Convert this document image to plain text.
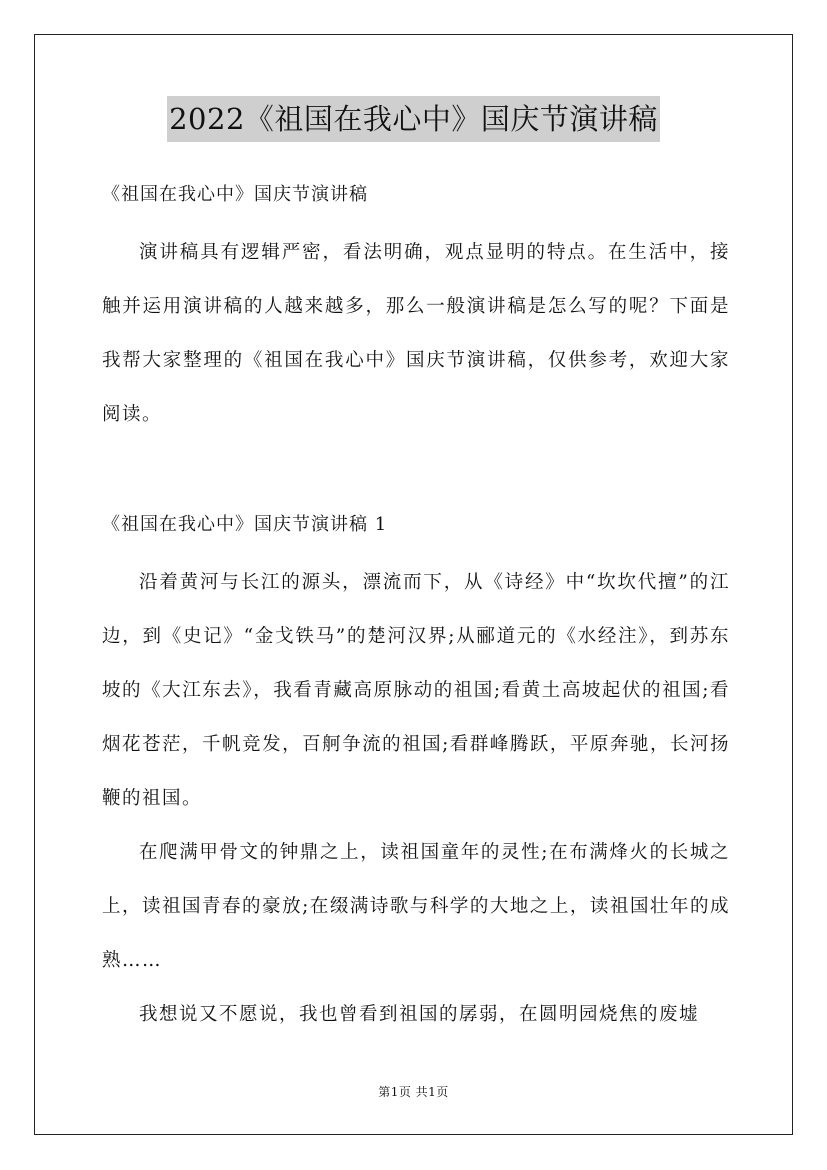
2022《祖国在我心中》国庆节演讲稿

《祖国在我心中》国庆节演讲稿

演讲稿具有逻辑严密，看法明确，观点显明的特点。在生活中，接触并运用演讲稿的人越来越多，那么一般演讲稿是怎么写的呢？下面是我帮大家整理的《祖国在我心中》国庆节演讲稿，仅供参考，欢迎大家阅读。

《祖国在我心中》国庆节演讲稿 1

沿着黄河与长江的源头，漂流而下，从《诗经》中“坎坎代擅”的江边，到《史记》“金戈铁马”的楚河汉界;从郦道元的《水经注》，到苏东坡的《大江东去》，我看青藏高原脉动的祖国;看黄土高坡起伏的祖国;看烟花苍茫，千帆竞发，百舸争流的祖国;看群峰腾跃，平原奔驰，长河扬鞭的祖国。

在爬满甲骨文的钟鼎之上，读祖国童年的灵性;在布满烽火的长城之上，读祖国青春的豪放;在缀满诗歌与科学的大地之上，读祖国壮年的成熟……

我想说又不愿说，我也曾看到祖国的孱弱，在圆明园烧焦的废墟

第1页 共1页
